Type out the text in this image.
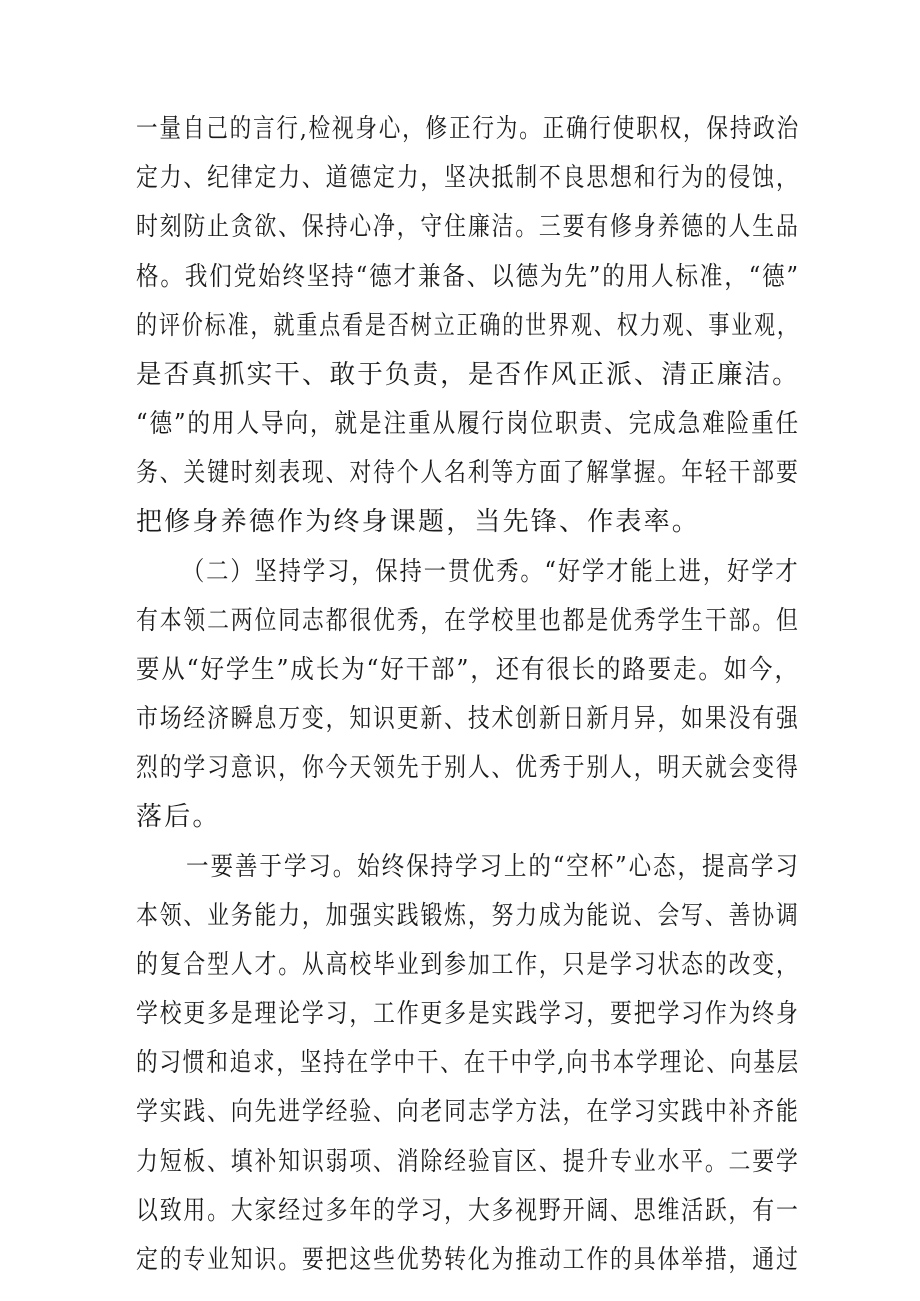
一量自己的言行,检视身心，修正行为。正确行使职权，保持政治
定力、纪律定力、道德定力，坚决抵制不良思想和行为的侵蚀，
时刻防止贪欲、保持心净，守住廉洁。三要有修身养德的人生品
格。我们党始终坚持“德才兼备、以德为先”的用人标准，“德”
的评价标准，就重点看是否树立正确的世界观、权力观、事业观，
是否真抓实干、敢于负责，是否作风正派、清正廉洁。
“德”的用人导向，就是注重从履行岗位职责、完成急难险重任
务、关键时刻表现、对待个人名利等方面了解掌握。年轻干部要
把修身养德作为终身课题，当先锋、作表率。
（二）坚持学习，保持一贯优秀。“好学才能上进，好学才
有本领二两位同志都很优秀，在学校里也都是优秀学生干部。但
要从“好学生”成长为“好干部”，还有很长的路要走。如今，
市场经济瞬息万变，知识更新、技术创新日新月异，如果没有强
烈的学习意识，你今天领先于别人、优秀于别人，明天就会变得
落后。
一要善于学习。始终保持学习上的“空杯”心态，提高学习
本领、业务能力，加强实践锻炼，努力成为能说、会写、善协调
的复合型人才。从高校毕业到参加工作，只是学习状态的改变，
学校更多是理论学习，工作更多是实践学习，要把学习作为终身
的习惯和追求，坚持在学中干、在干中学,向书本学理论、向基层
学实践、向先进学经验、向老同志学方法，在学习实践中补齐能
力短板、填补知识弱项、消除经验盲区、提升专业水平。二要学
以致用。大家经过多年的学习，大多视野开阔、思维活跃，有一
定的专业知识。要把这些优势转化为推动工作的具体举措，通过
